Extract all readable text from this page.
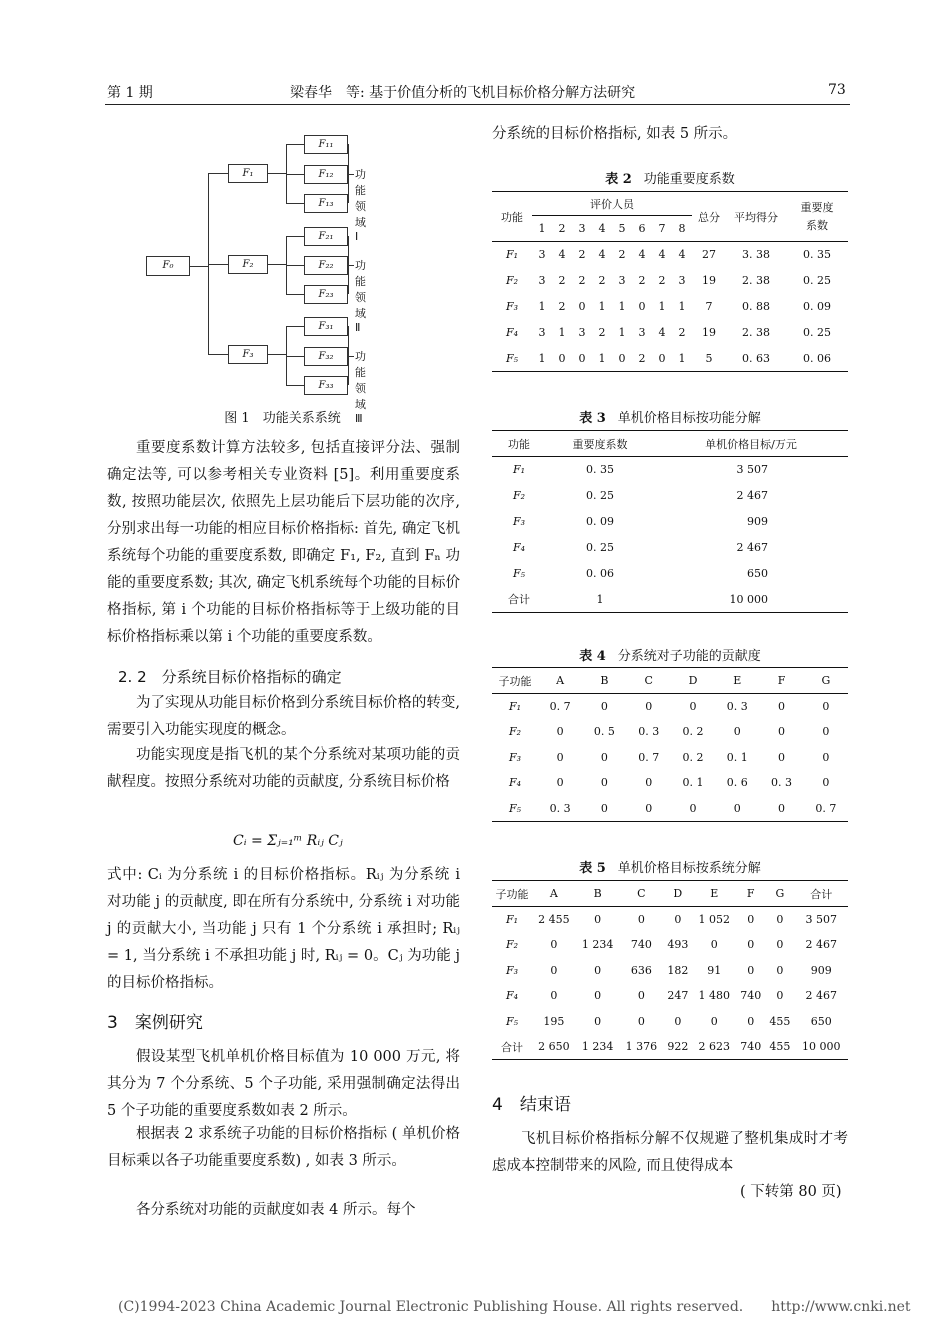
第 1 期	梁春华　等: 基于价值分析的飞机目标价格分解方法研究	73
F₀
F₁
F₂
F₃
F₁₁
F₁₂
F₁₃
F₂₁
F₂₂
F₂₃
F₃₁
F₃₂
F₃₃
功能领域 Ⅰ
功能领域 Ⅱ
功能领域 Ⅲ
图 1　功能关系系统
重要度系数计算方法较多, 包括直接评分法、强制确定法等, 可以参考相关专业资料 [5]。利用重要度系数, 按照功能层次, 依照先上层功能后下层功能的次序, 分别求出每一功能的相应目标价格指标: 首先, 确定飞机系统每个功能的重要度系数, 即确定 F₁, F₂, 直到 Fₙ 功能的重要度系数; 其次, 确定飞机系统每个功能的目标价格指标, 第 i 个功能的目标价格指标等于上级功能的目标价格指标乘以第 i 个功能的重要度系数。
2. 2　分系统目标价格指标的确定
为了实现从功能目标价格到分系统目标价格的转变, 需要引入功能实现度的概念。
功能实现度是指飞机的某个分系统对某项功能的贡献程度。按照分系统对功能的贡献度, 分系统目标价格
Cᵢ = Σⱼ₌₁ᵐ Rᵢⱼ Cⱼ
式中: Cᵢ 为分系统 i 的目标价格指标。Rᵢⱼ 为分系统 i 对功能 j 的贡献度, 即在所有分系统中, 分系统 i 对功能 j 的贡献大小, 当功能 j 只有 1 个分系统 i 承担时; Rᵢⱼ = 1, 当分系统 i 不承担功能 j 时, Rᵢⱼ = 0。Cⱼ 为功能 j 的目标价格指标。
3　案例研究
假设某型飞机单机价格目标值为 10 000 万元, 将其分为 7 个分系统、5 个子功能, 采用强制确定法得出 5 个子功能的重要度系数如表 2 所示。
根据表 2 求系统子功能的目标价格指标 ( 单机价格目标乘以各子功能重要度系数) , 如表 3 所示。
各分系统对功能的贡献度如表 4 所示。每个
分系统的目标价格指标, 如表 5 所示。
表 2 功能重要度系数
功能	评价人员								总分	平均得分	重要度系数
	1	2	3	4	5	6	7	8			
F₁	3	4	2	4	2	4	4	4	27	3. 38	0. 35
F₂	3	2	2	2	3	2	2	3	19	2. 38	0. 25
F₃	1	2	0	1	1	0	1	1	7	0. 88	0. 09
F₄	3	1	3	2	1	3	4	2	19	2. 38	0. 25
F₅	1	0	0	1	0	2	0	1	5	0. 63	0. 06
表 3 单机价格目标按功能分解
功能	重要度系数	单机价格目标/万元
F₁	0. 35	3 507
F₂	0. 25	2 467
F₃	0. 09	909
F₄	0. 25	2 467
F₅	0. 06	650
合计	1	10 000
表 4 分系统对子功能的贡献度
子功能	A	B	C	D	E	F	G
F₁	0. 7	0	0	0	0. 3	0	0
F₂	0	0. 5	0. 3	0. 2	0	0	0
F₃	0	0	0. 7	0. 2	0. 1	0	0
F₄	0	0	0	0. 1	0. 6	0. 3	0
F₅	0. 3	0	0	0	0	0	0. 7
表 5 单机价格目标按系统分解
子功能	A	B	C	D	E	F	G	合计
F₁	2 455	0	0	0	1 052	0	0	3 507
F₂	0	1 234	740	493	0	0	0	2 467
F₃	0	0	636	182	91	0	0	909
F₄	0	0	0	247	1 480	740	0	2 467
F₅	195	0	0	0	0	0	455	650
合计	2 650	1 234	1 376	922	2 623	740	455	10 000
4　结束语
飞机目标价格指标分解不仅规避了整机集成时才考虑成本控制带来的风险, 而且使得成本
( 下转第 80 页)
(C)1994-2023 China Academic Journal Electronic Publishing House. All rights reserved.　　http://www.cnki.net
